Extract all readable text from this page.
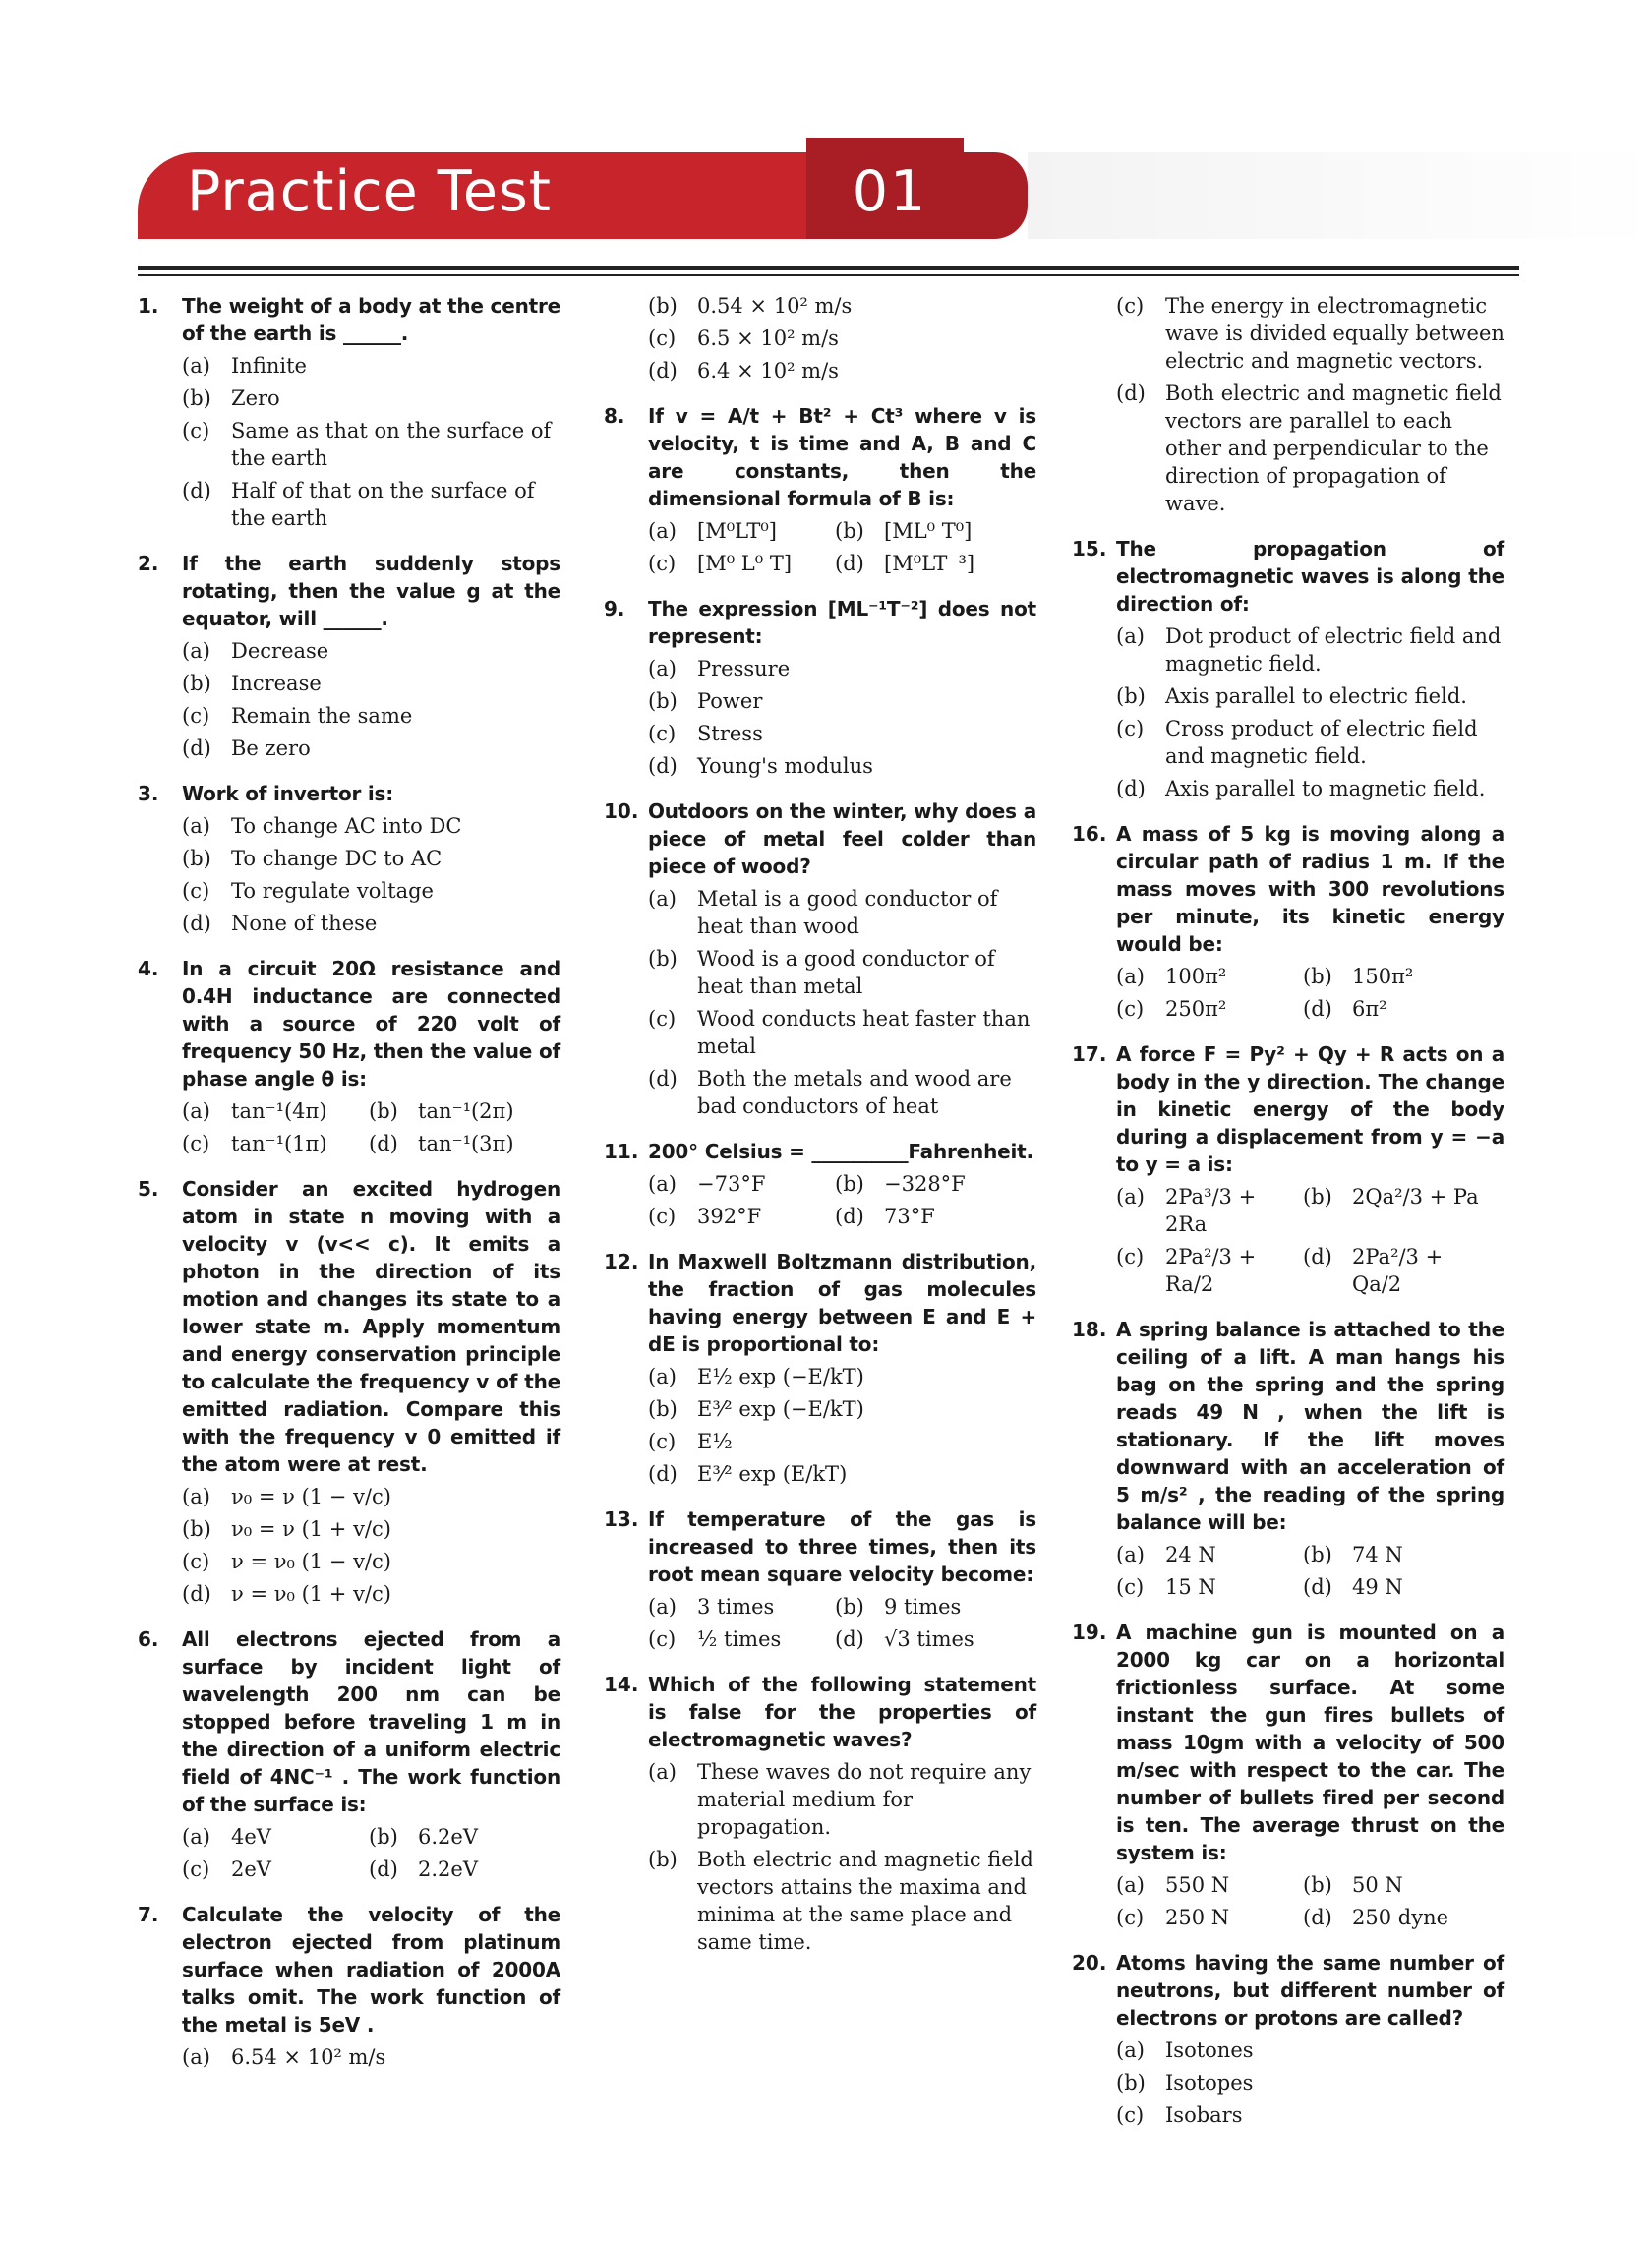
Practice Test	01
1.	The weight of a body at the centre of the earth is ______.
(a)	Infinite
(b) Zero
(c)	Same as that on the surface of the earth
(d) Half of that on the surface of the earth
2.	If the earth suddenly stops rotating, then the value g at the equator, will ______.
(a)	Decrease
(b) Increase
(c)	Remain the same
(d) Be zero
3.	Work of invertor is:
(a)	To change AC into DC
(b) To change DC to AC
(c)	To regulate voltage
(d) None of these
4.	In a circuit 20Ω resistance and 0.4H inductance are connected with a source of 220 volt of frequency 50 Hz, then the value of phase angle θ is:
(a)	tan⁻¹(4π)	(b) tan⁻¹(2π)
(c)	tan⁻¹(1π)	(d) tan⁻¹(3π)
5.	Consider an excited hydrogen atom in state n moving with a velocity v (v<< c). It emits a photon in the direction of its motion and changes its state to a lower state m. Apply momentum and energy conservation principle to calculate the frequency v of the emitted radiation. Compare this with the frequency v 0 emitted if the atom were at rest.
(a)	ν₀ = ν (1 − v/c)
(b) ν₀ = ν (1 + v/c)
(c)	ν = ν₀ (1 − v/c)
(d) ν = ν₀ (1 + v/c)
6.	All electrons ejected from a surface by incident light of wavelength 200 nm can be stopped before traveling 1 m in the direction of a uniform electric field of 4NC⁻¹ . The work function of the surface is:
(a)	4eV	(b) 6.2eV
(c)	2eV	(d) 2.2eV
7.	Calculate the velocity of the electron ejected from platinum surface when radiation of 2000A talks omit. The work function of the metal is 5eV .
(a)	6.54 × 10² m/s
(b) 0.54 × 10² m/s
(c)	6.5 × 10² m/s
(d) 6.4 × 10² m/s
8.	If v = A/t + Bt² + Ct³ where v is velocity, t is time and A, B and C are constants, then the dimensional formula of B is:
(a)	[M⁰LT⁰]	(b) [ML⁰ T⁰]
(c)	[M⁰ L⁰ T]	(d) [M⁰LT⁻³]
9.	The expression [ML⁻¹T⁻²] does not represent:
(a)	Pressure
(b) Power
(c)	Stress
(d) Young's modulus
10. Outdoors on the winter, why does a piece of metal feel colder than piece of wood?
(a)	Metal is a good conductor of heat than wood
(b) Wood is a good conductor of heat than metal
(c)	Wood conducts heat faster than metal
(d) Both the metals and wood are bad conductors of heat
11. 200° Celsius = __________Fahrenheit.
(a)	−73°F	(b) −328°F
(c)	392°F	(d) 73°F
12. In Maxwell Boltzmann distribution, the fraction of gas molecules having energy between E and E + dE is proportional to:
(a)	E½ exp (−E/kT)
(b) E³⁄² exp (−E/kT)
(c)	E½
(d) E³⁄² exp (E/kT)
13. If temperature of the gas is increased to three times, then its root mean square velocity become:
(a)	3 times	(b) 9 times
(c)	½ times	(d) √3 times
14. Which of the following statement is false for the properties of electromagnetic waves?
(a)	These waves do not require any material medium for propagation.
(b) Both electric and magnetic field vectors attains the maxima and minima at the same place and same time.
(c)	The energy in electromagnetic wave is divided equally between electric and magnetic vectors.
(d) Both electric and magnetic field vectors are parallel to each other and perpendicular to the direction of propagation of wave.
15. The propagation of electromagnetic waves is along the direction of:
(a)	Dot product of electric field and magnetic field.
(b) Axis parallel to electric field.
(c)	Cross product of electric field and magnetic field.
(d) Axis parallel to magnetic field.
16. A mass of 5 kg is moving along a circular path of radius 1 m. If the mass moves with 300 revolutions per minute, its kinetic energy would be:
(a)	100π²	(b) 150π²
(c)	250π²	(d) 6π²
17. A force F = Py² + Qy + R acts on a body in the y direction. The change in kinetic energy of the body during a displacement from y = −a to y = a is:
(a)	2Pa³/3 + 2Ra
(b) 2Qa²/3 + Pa
(c)	2Pa²/3 + Ra/2
(d) 2Pa²/3 + Qa/2
18. A spring balance is attached to the ceiling of a lift. A man hangs his bag on the spring and the spring reads 49 N , when the lift is stationary. If the lift moves downward with an acceleration of 5 m/s² , the reading of the spring balance will be:
(a)	24 N	(b) 74 N
(c)	15 N	(d) 49 N
19. A machine gun is mounted on a 2000 kg car on a horizontal frictionless surface. At some instant the gun fires bullets of mass 10gm with a velocity of 500 m/sec with respect to the car. The number of bullets fired per second is ten. The average thrust on the system is:
(a)	550 N	(b) 50 N
(c)	250 N	(d) 250 dyne
20. Atoms having the same number of neutrons, but different number of electrons or protons are called?
(a)	Isotones
(b) Isotopes
(c)	Isobars
